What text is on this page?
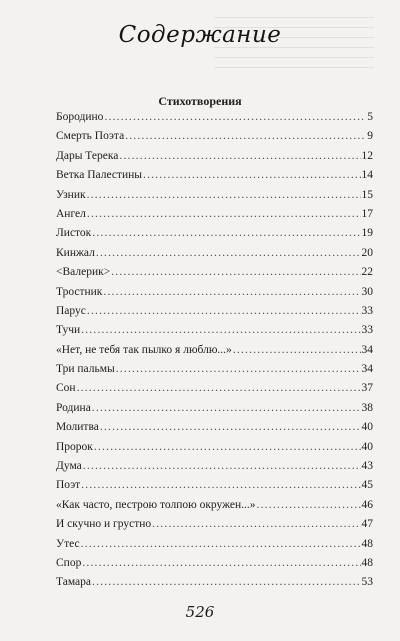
Содержание
Стихотворения
Бородино .....	5
Смерть Поэта .....	9
Дары Терека .....	12
Ветка Палестины .....	14
Узник .....	15
Ангел .....	17
Листок .....	19
Кинжал .....	20
<Валерик> .....	22
Тростник .....	30
Парус .....	33
Тучи .....	33
«Нет, не тебя так пылко я люблю...» .....	34
Три пальмы .....	34
Сон .....	37
Родина .....	38
Молитва .....	40
Пророк .....	40
Дума .....	43
Поэт .....	45
«Как часто, пестрою толпою окружен...» .....	46
И скучно и грустно .....	47
Утес .....	48
Спор .....	48
Тамара .....	53
526
